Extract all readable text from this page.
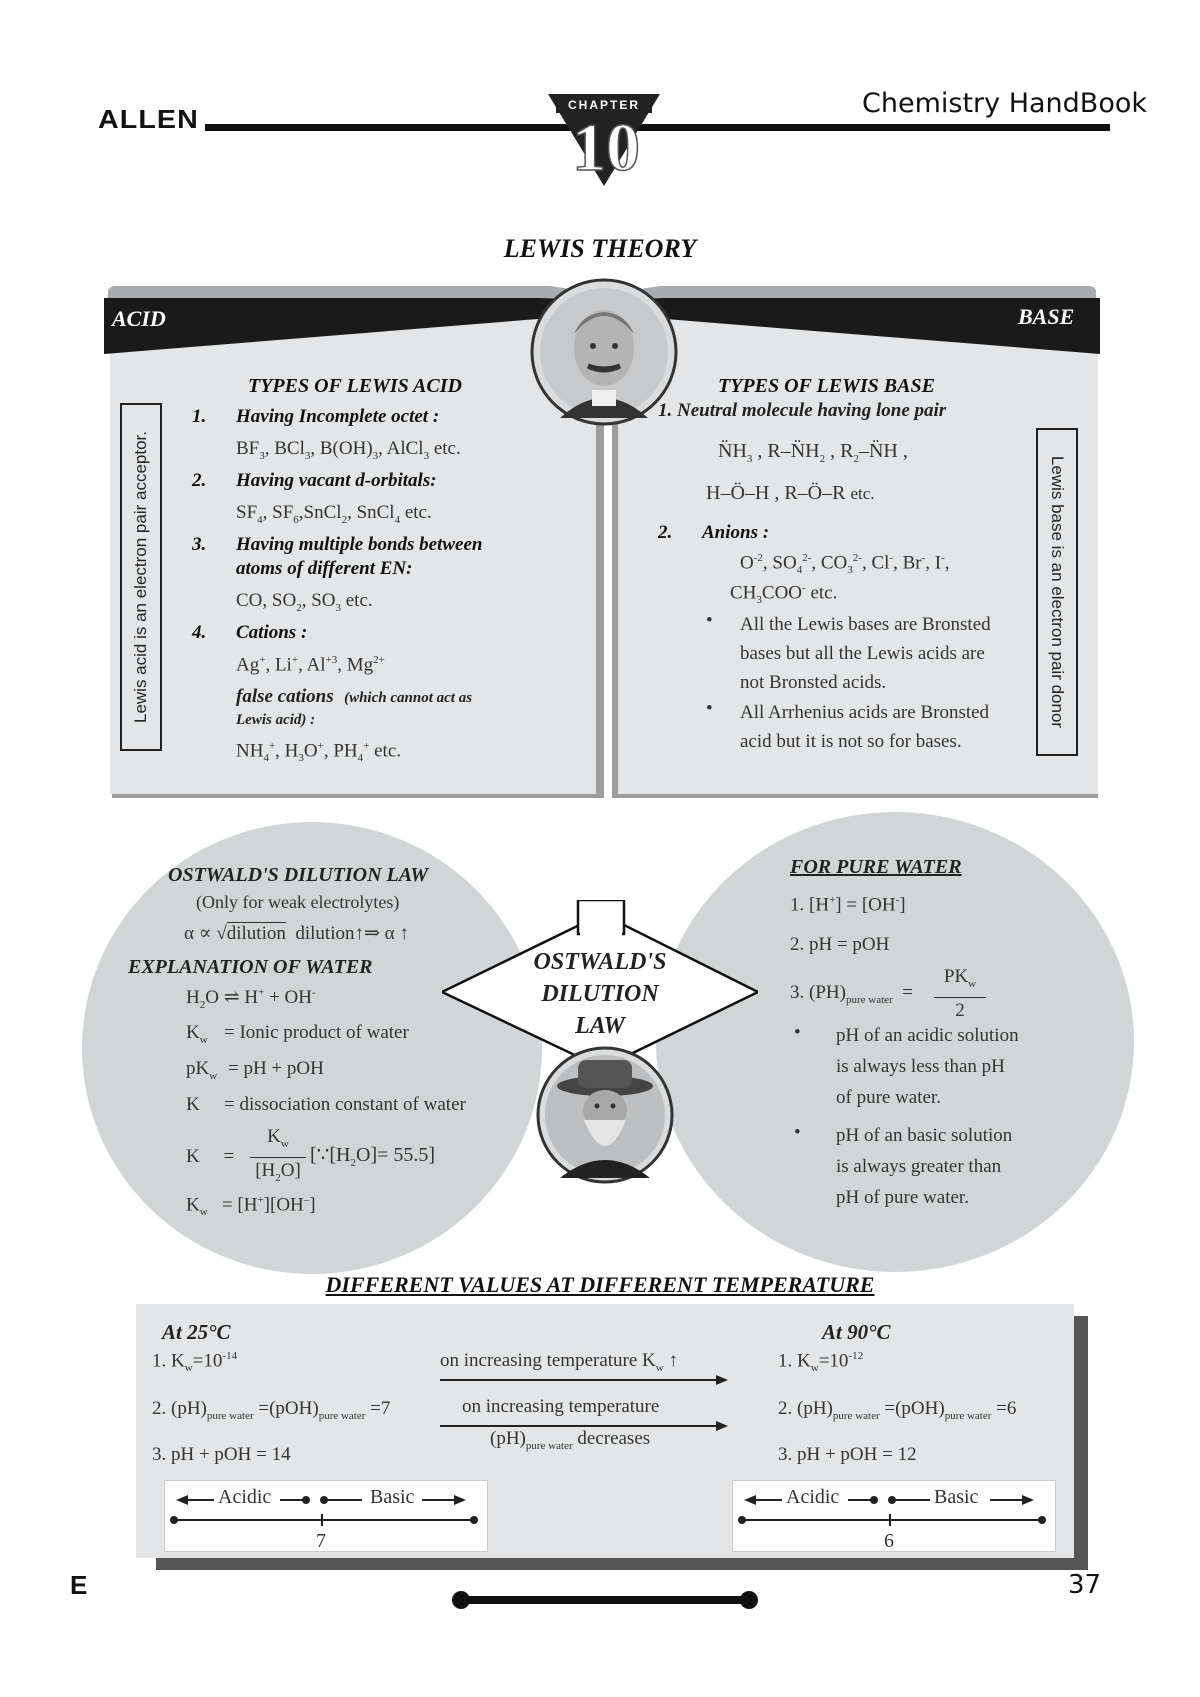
ALLEN	Chemistry HandBook
CHAPTER
10
LEWIS THEORY
ACID	BASE
Lewis acid is an electron pair acceptor.	Lewis base is an electron pair donor
TYPES OF LEWIS ACID
1. Having Incomplete octet :
$BF_3$, BCl$_3$, $B(OH)_3$, AlCl$_3$ etc.
2. Having vacant d-orbitals:
$SF_4$, $SF_6,SnCl_2$, SnCl$_4$ etc.
3. Having multiple bonds between
atoms of different EN:
CO, $SO_2$, $SO_3$ etc.
4. Cations :
Ag+, Li+, $Al^{+3}$, $Mg^{2+}$
false cations (which cannot act as
Lewis acid) :
$NH_4^+$, $H_3O^+$, $PH_4^+$ etc.
TYPES OF LEWIS BASE
1. Neutral molecule having lone pair
$N̈H_3$ , $R-N̈H_2$ , $R_2-N̈H$ ,
H–Ö–H , R–Ö–R etc.
2. Anions :
$O^{-2}$, $SO_4^{2-}$, $CO_3^{2-}$, Cl-, Br-, I-,
$CH_3COO^-$ etc.
• All the Lewis bases are Bronsted
bases but all the Lewis acids are
not Bronsted acids.
• All Arrhenius acids are Bronsted
acid but it is not so for bases.
OSTWALD'S
DILUTION
LAW
OSTWALD'S DILUTION LAW
(Only for weak electrolytes)
α ∝ √dilution dilution↑⇒ α ↑
EXPLANATION OF WATER
$H_2O$ ⇌ H+ + OH-
$K_w$ = Ionic product of water
$pK_w$ = pH + pOH
K = dissociation constant of water
K     = $\frac{K_w}{[H_2O]}$ $[\because[H_2O]= 55.5]$
$K_w = [H^+][OH^-]$
FOR PURE WATER
1. [H+] = [OH-]
2. pH = pOH
3. $(PH)_{pure water}$  =
$PK_w$
2
• pH of an acidic solution
is always less than pH
of pure water.
• pH of an basic solution
is always greater than
pH of pure water.
DIFFERENT VALUES AT DIFFERENT TEMPERATURE
At 25°C
1. $K_w=10^{-14}$
2. $(pH)_{pure water} =(pOH)_{pure water} =7$
3. pH + pOH = 14
At 90°C
1. $K_w=10^{-12}$
2. $(pH)_{pure water} =(pOH)_{pure water} =6$
3. pH + pOH = 12
on increasing temperature $K_w$ ↑
on increasing temperature
$(pH)_{pure water}$ decreases
Acidic	Basic
7
Acidic	Basic
6
E	37
